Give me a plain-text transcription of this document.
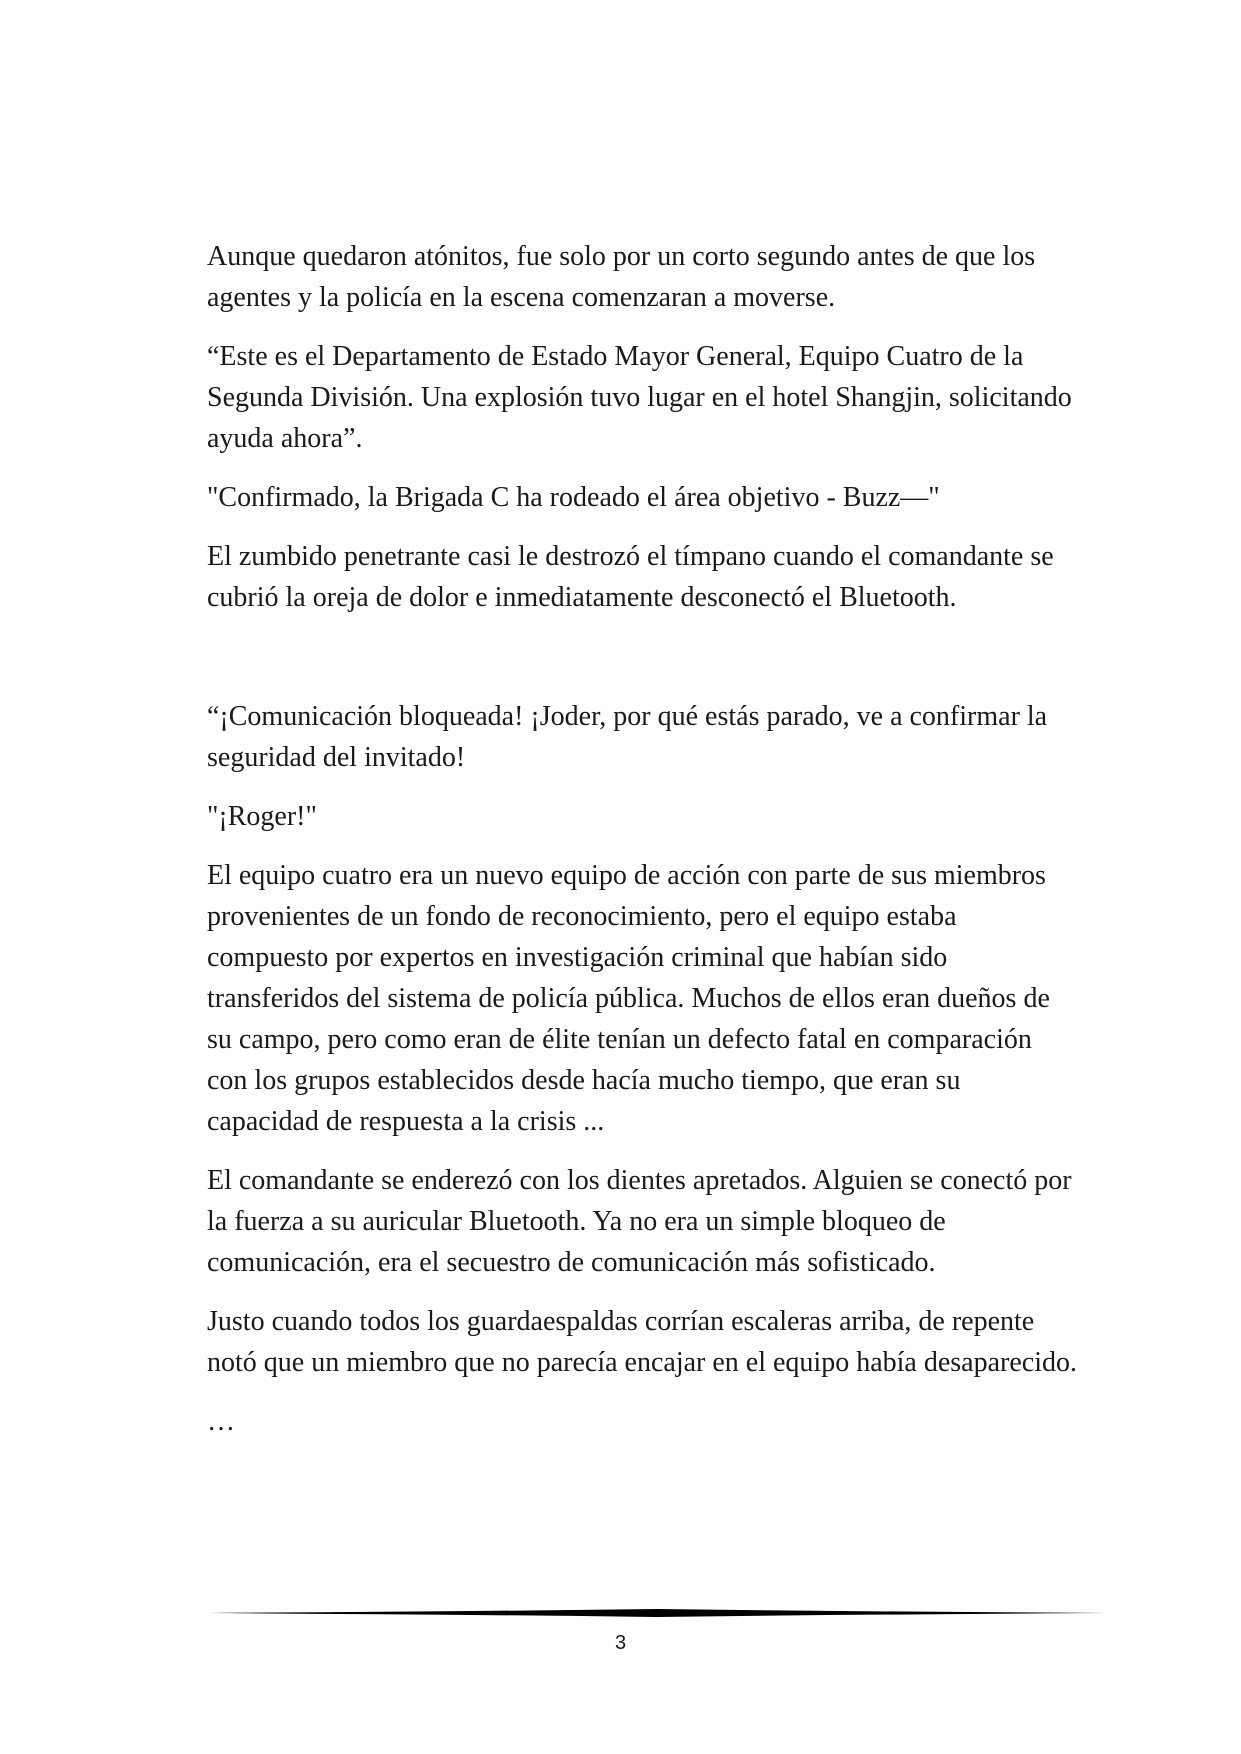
Aunque quedaron atónitos, fue solo por un corto segundo antes de que los agentes y la policía en la escena comenzaran a moverse.

“Este es el Departamento de Estado Mayor General, Equipo Cuatro de la Segunda División. Una explosión tuvo lugar en el hotel Shangjin, solicitando ayuda ahora”.

"Confirmado, la Brigada C ha rodeado el área objetivo - Buzz—"

El zumbido penetrante casi le destrozó el tímpano cuando el comandante se cubrió la oreja de dolor e inmediatamente desconectó el Bluetooth.

“¡Comunicación bloqueada! ¡Joder, por qué estás parado, ve a confirmar la seguridad del invitado!

"¡Roger!"

El equipo cuatro era un nuevo equipo de acción con parte de sus miembros provenientes de un fondo de reconocimiento, pero el equipo estaba compuesto por expertos en investigación criminal que habían sido transferidos del sistema de policía pública. Muchos de ellos eran dueños de su campo, pero como eran de élite tenían un defecto fatal en comparación con los grupos establecidos desde hacía mucho tiempo, que eran su capacidad de respuesta a la crisis ...

El comandante se enderezó con los dientes apretados. Alguien se conectó por la fuerza a su auricular Bluetooth. Ya no era un simple bloqueo de comunicación, era el secuestro de comunicación más sofisticado.

Justo cuando todos los guardaespaldas corrían escaleras arriba, de repente notó que un miembro que no parecía encajar en el equipo había desaparecido.

…

3
